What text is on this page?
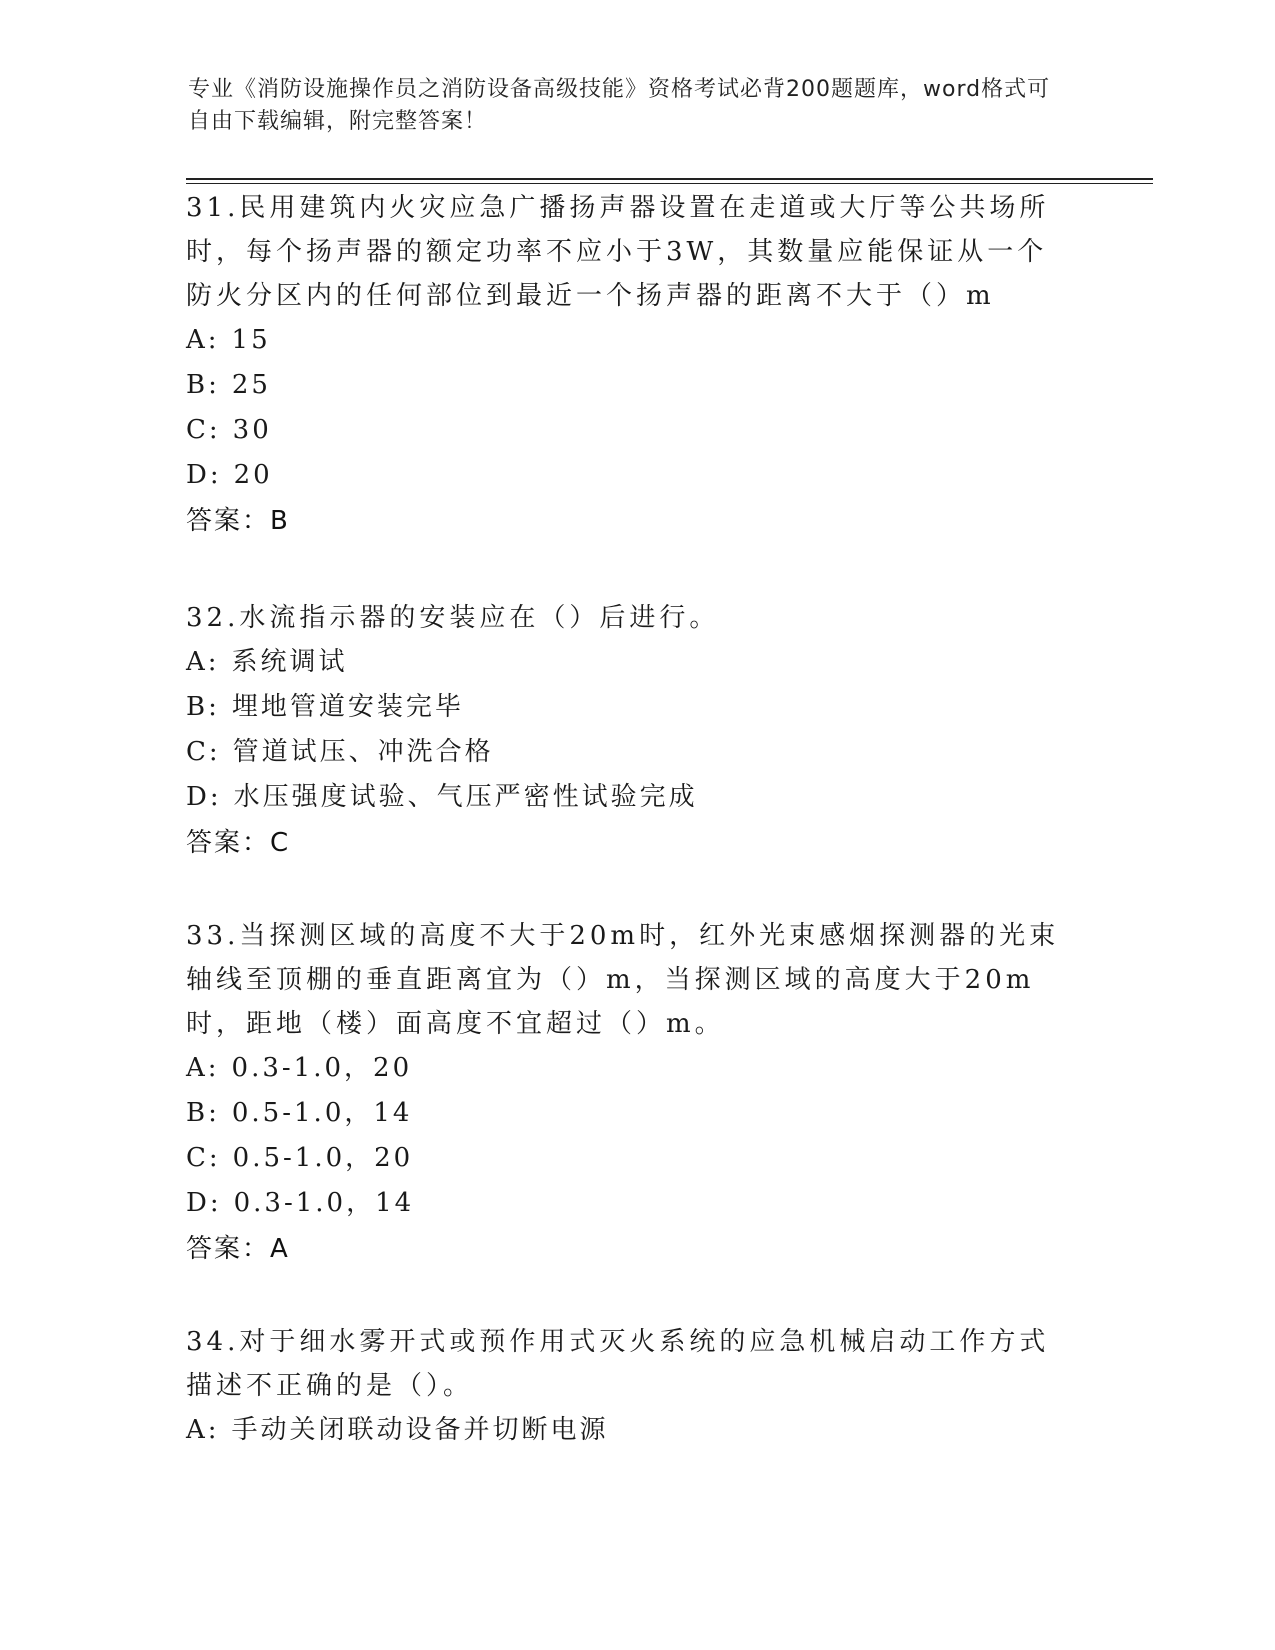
专业《消防设施操作员之消防设备高级技能》资格考试必背200题题库，word格式可自由下载编辑，附完整答案！

31.民用建筑内火灾应急广播扬声器设置在走道或大厅等公共场所时，每个扬声器的额定功率不应小于3W，其数量应能保证从一个防火分区内的任何部位到最近一个扬声器的距离不大于（）m

A: 15

B: 25

C: 30

D: 20

答案：B

32.水流指示器的安装应在（）后进行。

A: 系统调试

B: 埋地管道安装完毕

C: 管道试压、冲洗合格

D: 水压强度试验、气压严密性试验完成

答案：C

33.当探测区域的高度不大于20m时，红外光束感烟探测器的光束轴线至顶棚的垂直距离宜为（）m，当探测区域的高度大于20m时，距地（楼）面高度不宜超过（）m。

A: 0.3-1.0，20

B: 0.5-1.0，14

C: 0.5-1.0，20

D: 0.3-1.0，14

答案：A

34.对于细水雾开式或预作用式灭火系统的应急机械启动工作方式描述不正确的是（）。

A: 手动关闭联动设备并切断电源
